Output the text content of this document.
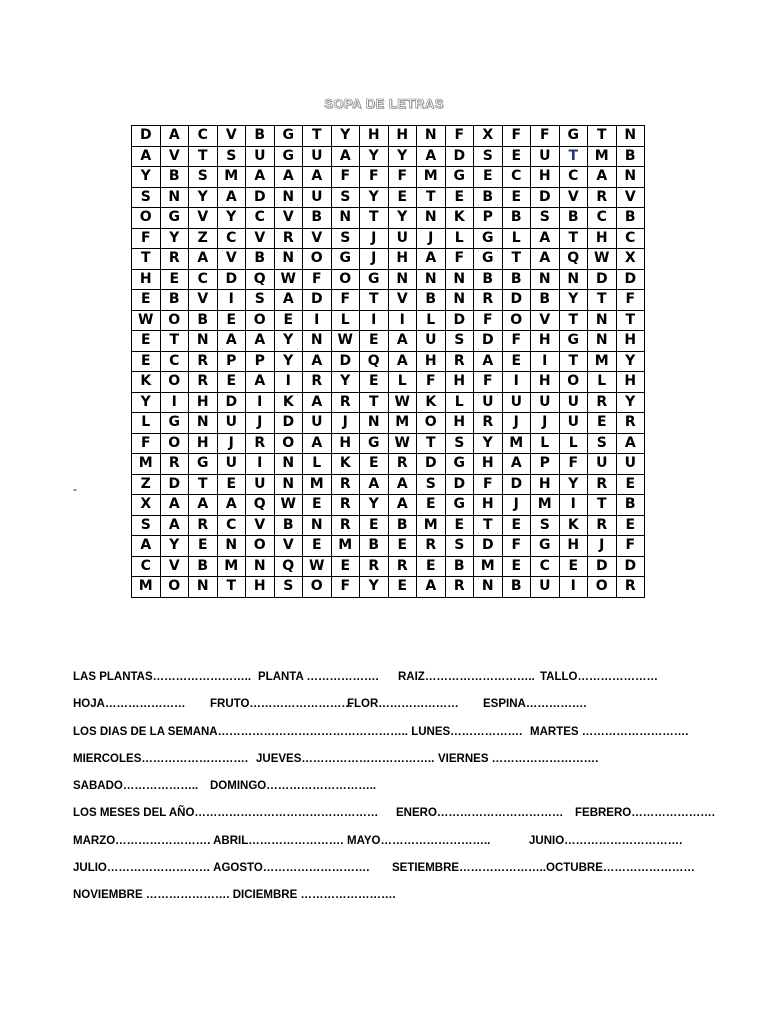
SOPA DE LETRAS
D	A	C	V	B	G	T	Y	H	H	N	F	X	F	F	G	T	N
A	V	T	S	U	G	U	A	Y	Y	A	D	S	E	U	T	M	B
Y	B	S	M	A	A	A	F	F	F	M	G	E	C	H	C	A	N
S	N	Y	A	D	N	U	S	Y	E	T	E	B	E	D	V	R	V
O	G	V	Y	C	V	B	N	T	Y	N	K	P	B	S	B	C	B
F	Y	Z	C	V	R	V	S	J	U	J	L	G	L	A	T	H	C
T	R	A	V	B	N	O	G	J	H	A	F	G	T	A	Q	W	X
H	E	C	D	Q	W	F	O	G	N	N	N	B	B	N	N	D	D
E	B	V	I	S	A	D	F	T	V	B	N	R	D	B	Y	T	F
W	O	B	E	O	E	I	L	I	I	L	D	F	O	V	T	N	T
E	T	N	A	A	Y	N	W	E	A	U	S	D	F	H	G	N	H
E	C	R	P	P	Y	A	D	Q	A	H	R	A	E	I	T	M	Y
K	O	R	E	A	I	R	Y	E	L	F	H	F	I	H	O	L	H
Y	I	H	D	I	K	A	R	T	W	K	L	U	U	U	U	R	Y
L	G	N	U	J	D	U	J	N	M	O	H	R	J	J	U	E	R
F	O	H	J	R	O	A	H	G	W	T	S	Y	M	L	L	S	A
M	R	G	U	I	N	L	K	E	R	D	G	H	A	P	F	U	U
Z	D	T	E	U	N	M	R	A	A	S	D	F	D	H	Y	R	E
X	A	A	A	Q	W	E	R	Y	A	E	G	H	J	M	I	T	B
S	A	R	C	V	B	N	R	E	B	M	E	T	E	S	K	R	E
A	Y	E	N	O	V	E	M	B	E	R	S	D	F	G	H	J	F
C	V	B	M	N	Q	W	E	R	R	E	B	M	E	C	E	D	D
M	O	N	T	H	S	O	F	Y	E	A	R	N	B	U	I	O	R
-
LAS PLANTAS…………………….. PLANTA ………………. RAIZ……………………….. TALLO…………………
HOJA………………… FRUTO………………………
FLOR………………… ESPINA…………….
LOS DIAS DE LA SEMANA………………………………………….. LUNES………………. MARTES ……………………….
MIERCOLES………………………. JUEVES…………………………….. VIERNES ……………………….
SABADO……………….. DOMINGO………………………..
LOS MESES DEL AÑO………………………………………… ENERO…………………………… FEBRERO………………….
MARZO……………………. ABRIL……………………. MAYO………………………..	JUNIO………………………….
JULIO……………………… AGOSTO………………………. SETIEMBRE………………….. OCTUBRE……………………
NOVIEMBRE …………………. DICIEMBRE …………………….
